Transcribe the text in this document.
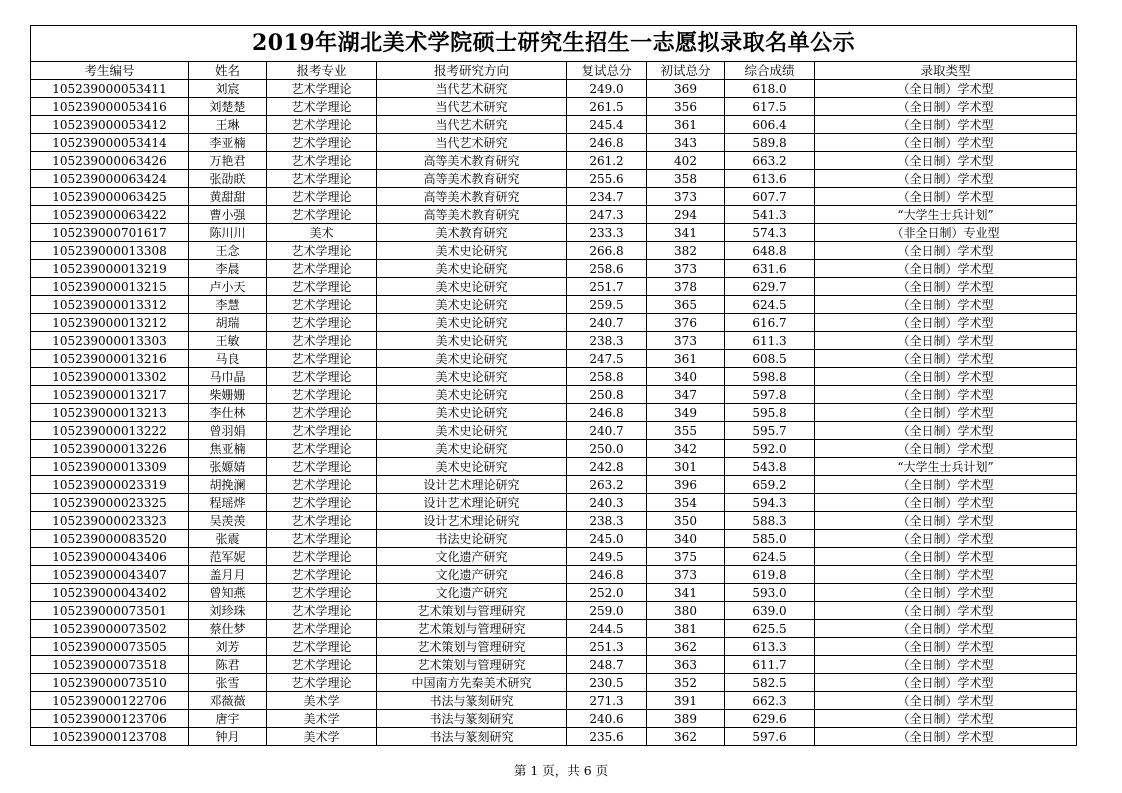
2019年湖北美术学院硕士研究生招生一志愿拟录取名单公示							
考生编号	姓名	报考专业	报考研究方向	复试总分	初试总分	综合成绩	录取类型
105239000053411	刘宸	艺术学理论	当代艺术研究	249.0	369	618.0	（全日制）学术型
105239000053416	刘楚楚	艺术学理论	当代艺术研究	261.5	356	617.5	（全日制）学术型
105239000053412	王琳	艺术学理论	当代艺术研究	245.4	361	606.4	（全日制）学术型
105239000053414	李亚楠	艺术学理论	当代艺术研究	246.8	343	589.8	（全日制）学术型
105239000063426	万艳君	艺术学理论	高等美术教育研究	261.2	402	663.2	（全日制）学术型
105239000063424	张劭眹	艺术学理论	高等美术教育研究	255.6	358	613.6	（全日制）学术型
105239000063425	黄甜甜	艺术学理论	高等美术教育研究	234.7	373	607.7	（全日制）学术型
105239000063422	曹小强	艺术学理论	高等美术教育研究	247.3	294	541.3	“大学生士兵计划”
105239000701617	陈川川	美术	美术教育研究	233.3	341	574.3	（非全日制）专业型
105239000013308	王念	艺术学理论	美术史论研究	266.8	382	648.8	（全日制）学术型
105239000013219	李晨	艺术学理论	美术史论研究	258.6	373	631.6	（全日制）学术型
105239000013215	卢小天	艺术学理论	美术史论研究	251.7	378	629.7	（全日制）学术型
105239000013312	李慧	艺术学理论	美术史论研究	259.5	365	624.5	（全日制）学术型
105239000013212	胡瑞	艺术学理论	美术史论研究	240.7	376	616.7	（全日制）学术型
105239000013303	王敏	艺术学理论	美术史论研究	238.3	373	611.3	（全日制）学术型
105239000013216	马良	艺术学理论	美术史论研究	247.5	361	608.5	（全日制）学术型
105239000013302	马巾晶	艺术学理论	美术史论研究	258.8	340	598.8	（全日制）学术型
105239000013217	柴姗姗	艺术学理论	美术史论研究	250.8	347	597.8	（全日制）学术型
105239000013213	李仕林	艺术学理论	美术史论研究	246.8	349	595.8	（全日制）学术型
105239000013222	曾羽娟	艺术学理论	美术史论研究	240.7	355	595.7	（全日制）学术型
105239000013226	焦亚楠	艺术学理论	美术史论研究	250.0	342	592.0	（全日制）学术型
105239000013309	张嫄婧	艺术学理论	美术史论研究	242.8	301	543.8	“大学生士兵计划”
105239000023319	胡挽澜	艺术学理论	设计艺术理论研究	263.2	396	659.2	（全日制）学术型
105239000023325	程瑶烨	艺术学理论	设计艺术理论研究	240.3	354	594.3	（全日制）学术型
105239000023323	吴羡羡	艺术学理论	设计艺术理论研究	238.3	350	588.3	（全日制）学术型
105239000083520	张震	艺术学理论	书法史论研究	245.0	340	585.0	（全日制）学术型
105239000043406	范军妮	艺术学理论	文化遗产研究	249.5	375	624.5	（全日制）学术型
105239000043407	盖月月	艺术学理论	文化遗产研究	246.8	373	619.8	（全日制）学术型
105239000043402	曾知燕	艺术学理论	文化遗产研究	252.0	341	593.0	（全日制）学术型
105239000073501	刘珍珠	艺术学理论	艺术策划与管理研究	259.0	380	639.0	（全日制）学术型
105239000073502	蔡仕梦	艺术学理论	艺术策划与管理研究	244.5	381	625.5	（全日制）学术型
105239000073505	刘芳	艺术学理论	艺术策划与管理研究	251.3	362	613.3	（全日制）学术型
105239000073518	陈君	艺术学理论	艺术策划与管理研究	248.7	363	611.7	（全日制）学术型
105239000073510	张雪	艺术学理论	中国南方先秦美术研究	230.5	352	582.5	（全日制）学术型
105239000122706	邓薇薇	美术学	书法与篆刻研究	271.3	391	662.3	（全日制）学术型
105239000123706	唐宇	美术学	书法与篆刻研究	240.6	389	629.6	（全日制）学术型
105239000123708	钟月	美术学	书法与篆刻研究	235.6	362	597.6	（全日制）学术型
第 1 页，共 6 页
